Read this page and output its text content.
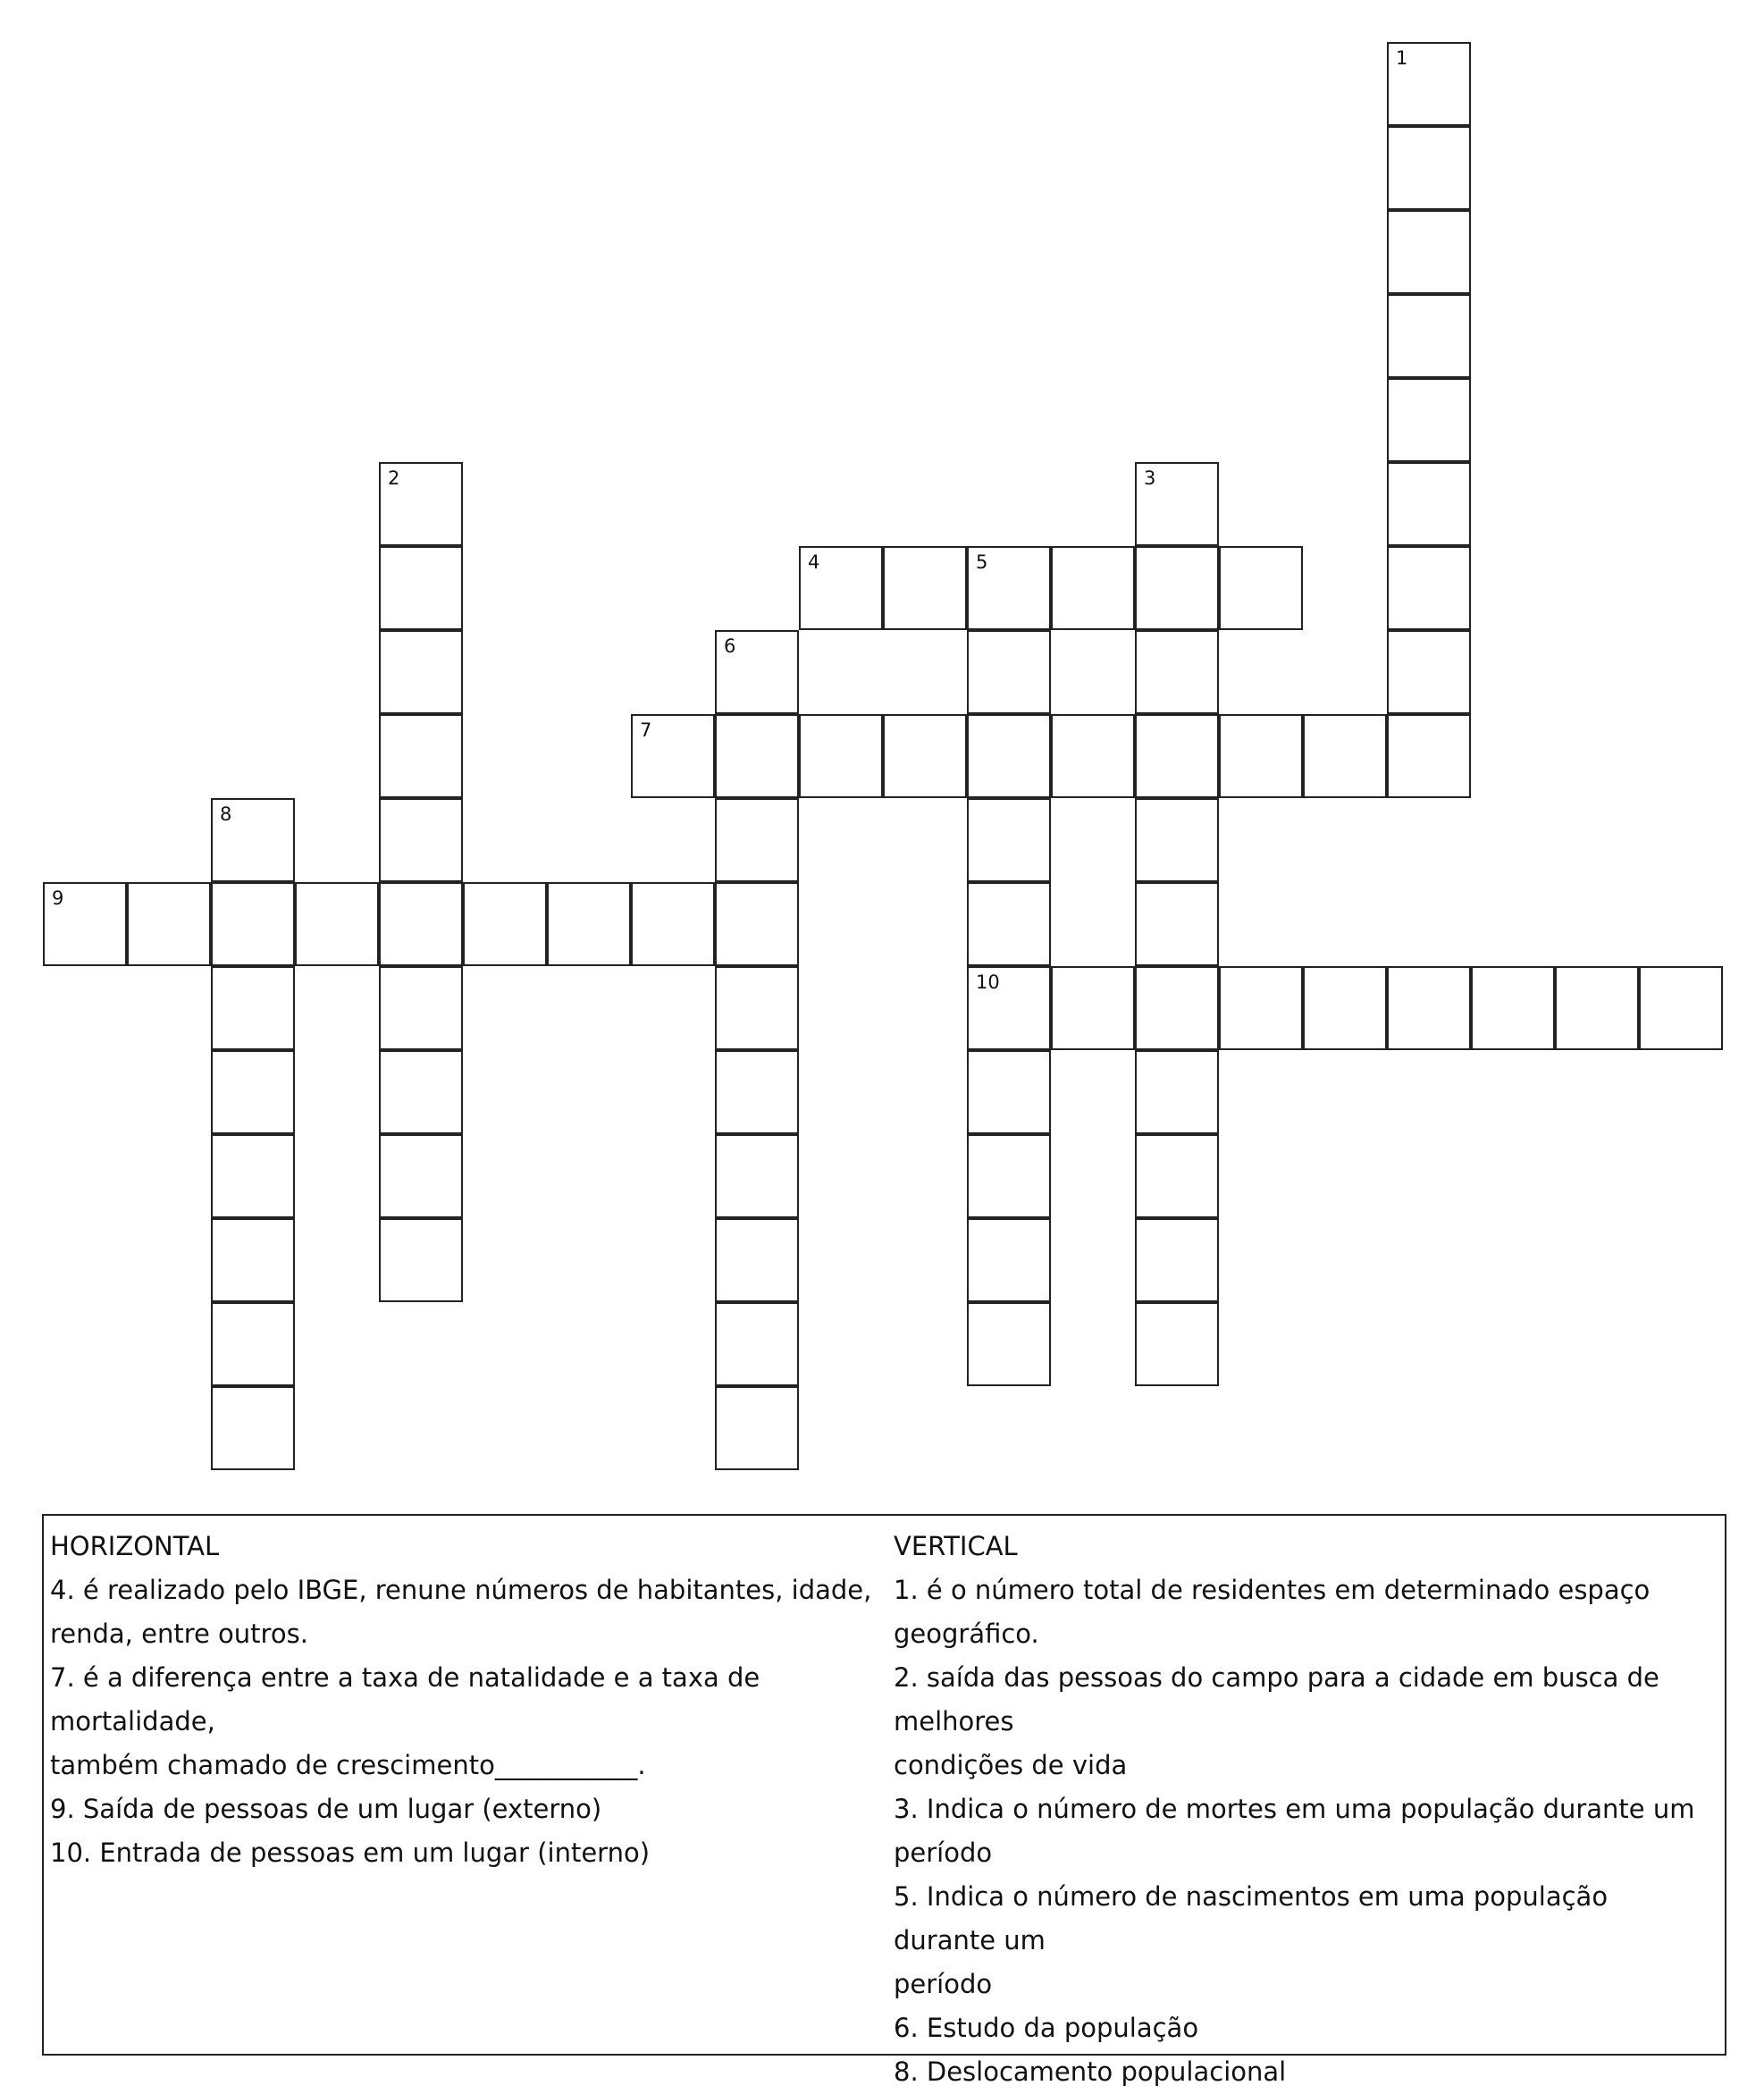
1
2	3
4	5
10
6
7
8
9
HORIZONTAL

4. é realizado pelo IBGE, renune números de habitantes, idade,

renda, entre outros.

7. é a diferença entre a taxa de natalidade e a taxa de mortalidade,

também chamado de crescimento___________.

9. Saída de pessoas de um lugar (externo)

10. Entrada de pessoas em um lugar (interno)

VERTICAL

1. é o número total de residentes em determinado espaço

geográfico.

2. saída das pessoas do campo para a cidade em busca de melhores

condições de vida

3. Indica o número de mortes em uma população durante um

período

5. Indica o número de nascimentos em uma população durante um

período

6. Estudo da população

8. Deslocamento populacional
